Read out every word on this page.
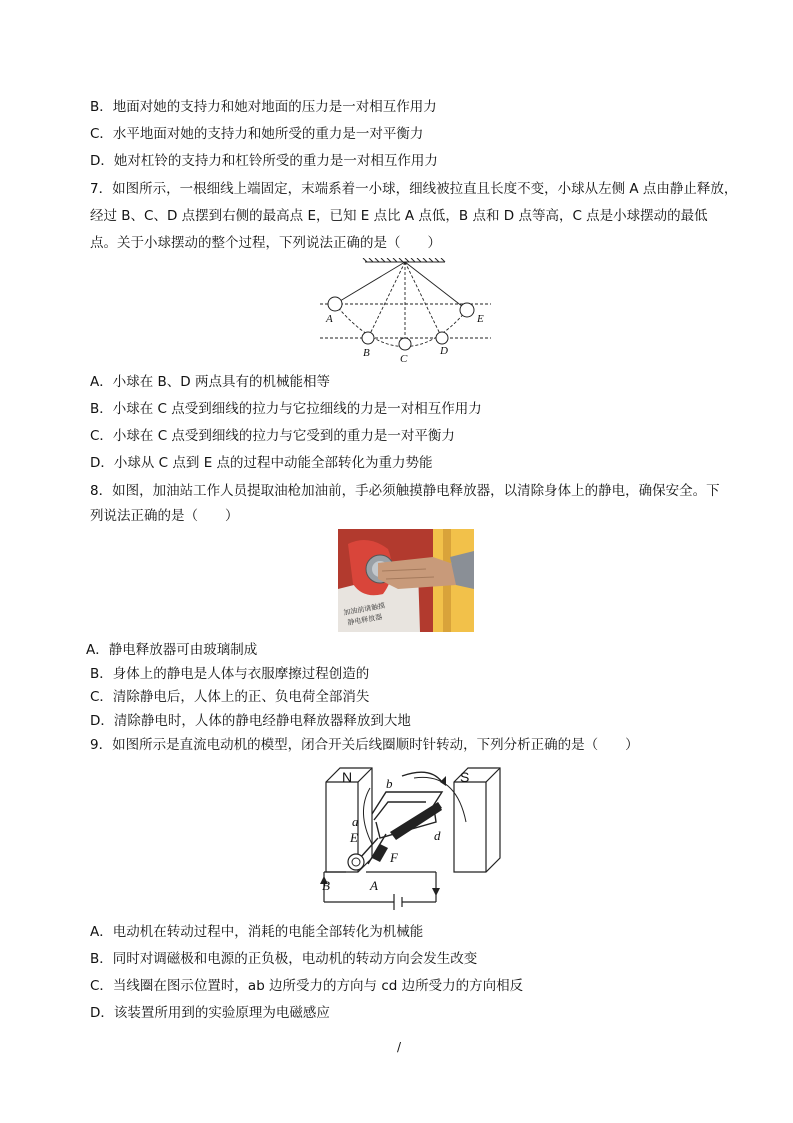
B．地面对她的支持力和她对地面的压力是一对相互作用力
C．水平地面对她的支持力和她所受的重力是一对平衡力
D．她对杠铃的支持力和杠铃所受的重力是一对相互作用力
7．如图所示，一根细线上端固定，末端系着一小球，细线被拉直且长度不变，小球从左侧 A 点由静止释放，
经过 B、C、D 点摆到右侧的最高点 E，已知 E 点比 A 点低，B 点和 D 点等高，C 点是小球摆动的最低
点。关于小球摆动的整个过程，下列说法正确的是（　　）
A
B	C
D
E
A．小球在 B、D 两点具有的机械能相等
B．小球在 C 点受到细线的拉力与它拉细线的力是一对相互作用力
C．小球在 C 点受到细线的拉力与它受到的重力是一对平衡力
D．小球从 C 点到 E 点的过程中动能全部转化为重力势能
8．如图，加油站工作人员提取油枪加油前，手必须触摸静电释放器，以清除身体上的静电，确保安全。下
列说法正确的是（　　）
加油前请触摸
静电释放器
A．静电释放器可由玻璃制成
B．身体上的静电是人体与衣服摩擦过程创造的
C．清除静电后，人体上的正、负电荷全部消失
D．清除静电时，人体的静电经静电释放器释放到大地
9．如图所示是直流电动机的模型，闭合开关后线圈顺时针转动，下列分析正确的是（　　）
N	S
a
b
d
E
F
B	A
A．电动机在转动过程中，消耗的电能全部转化为机械能
B．同时对调磁极和电源的正负极，电动机的转动方向会发生改变
C．当线圈在图示位置时，ab 边所受力的方向与 cd 边所受力的方向相反
D．该装置所用到的实验原理为电磁感应
/
